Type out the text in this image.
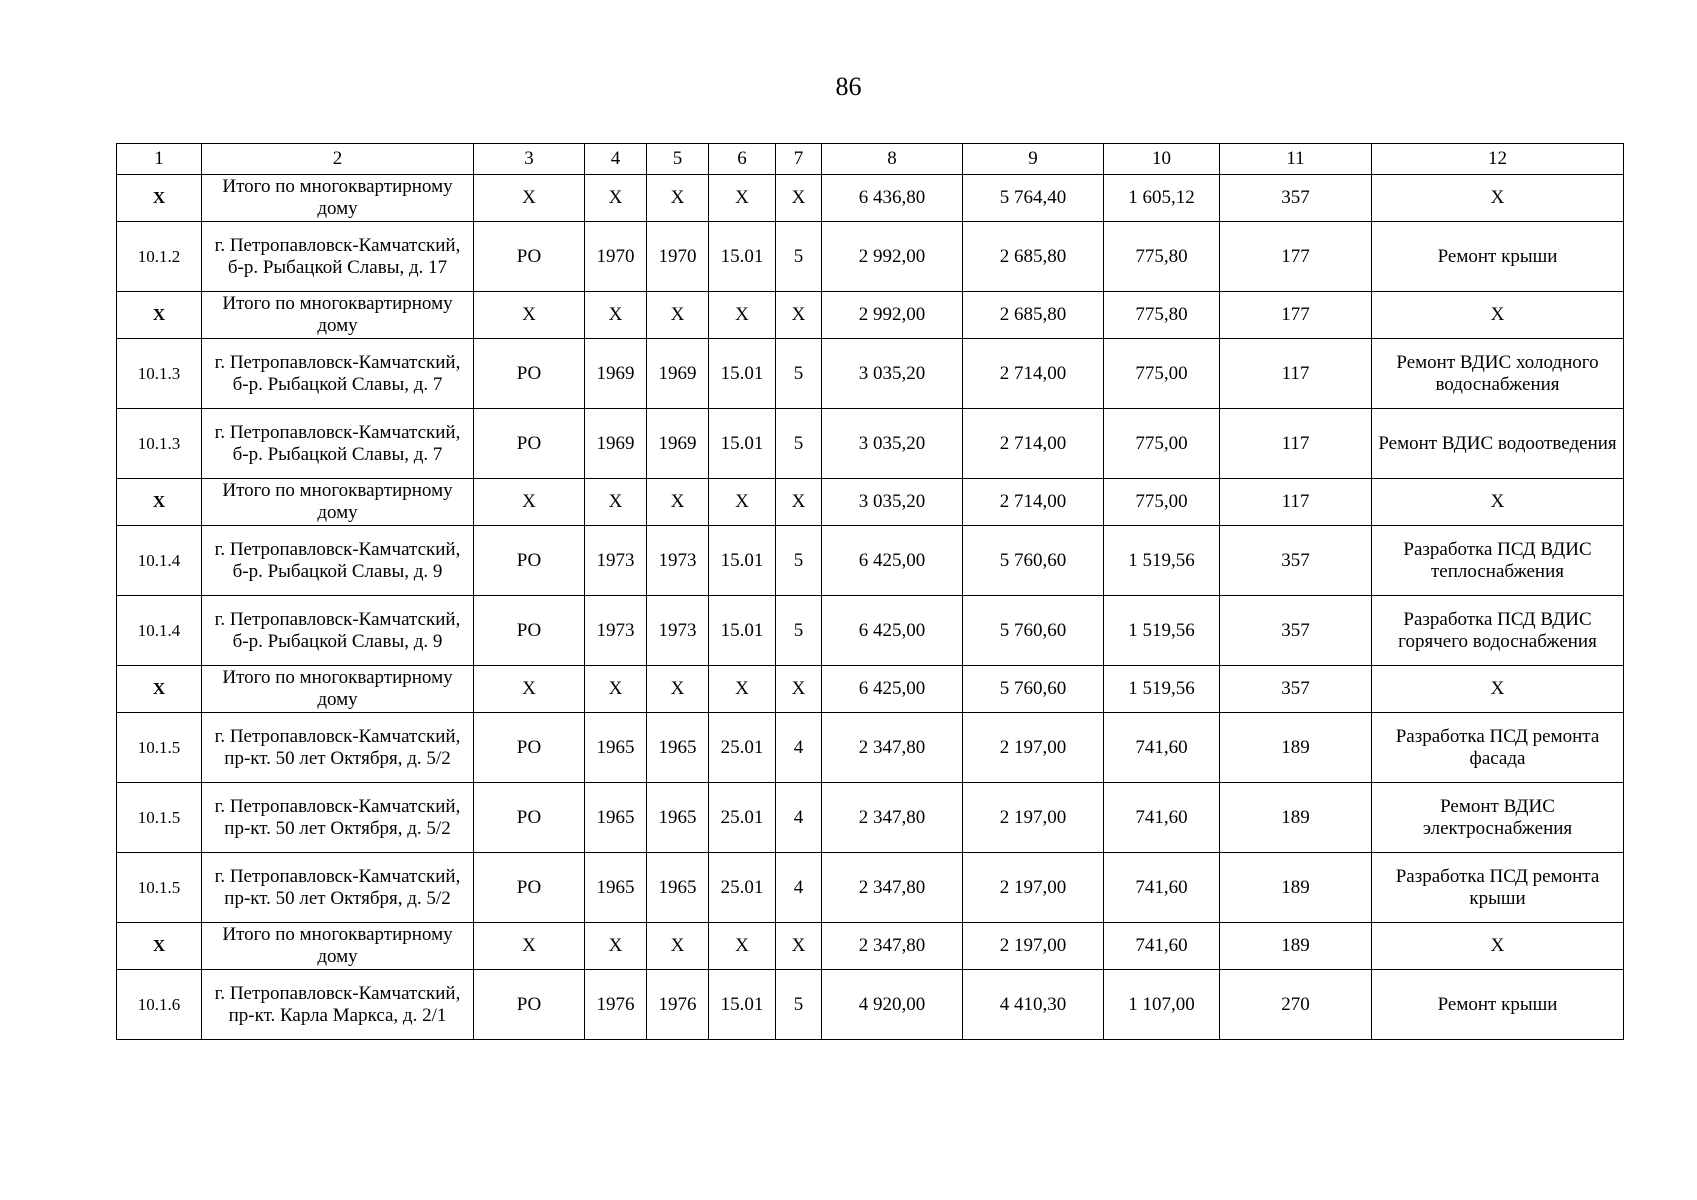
86
1	2	3	4	5	6	7	8	9	10	11	12
Х	Итого по многоквартирному дому	Х	Х	Х	Х	Х	6 436,80	5 764,40	1 605,12	357	Х
10.1.2	г. Петропавловск-Камчатский, б-р. Рыбацкой Славы, д. 17	РО	1970	1970	15.01	5	2 992,00	2 685,80	775,80	177	Ремонт крыши
Х	Итого по многоквартирному дому	Х	Х	Х	Х	Х	2 992,00	2 685,80	775,80	177	Х
10.1.3	г. Петропавловск-Камчатский, б-р. Рыбацкой Славы, д. 7	РО	1969	1969	15.01	5	3 035,20	2 714,00	775,00	117	Ремонт ВДИС холодного водоснабжения
10.1.3	г. Петропавловск-Камчатский, б-р. Рыбацкой Славы, д. 7	РО	1969	1969	15.01	5	3 035,20	2 714,00	775,00	117	Ремонт ВДИС водоотведения
Х	Итого по многоквартирному дому	Х	Х	Х	Х	Х	3 035,20	2 714,00	775,00	117	Х
10.1.4	г. Петропавловск-Камчатский, б-р. Рыбацкой Славы, д. 9	РО	1973	1973	15.01	5	6 425,00	5 760,60	1 519,56	357	Разработка ПСД ВДИС теплоснабжения
10.1.4	г. Петропавловск-Камчатский, б-р. Рыбацкой Славы, д. 9	РО	1973	1973	15.01	5	6 425,00	5 760,60	1 519,56	357	Разработка ПСД ВДИС горячего водоснабжения
Х	Итого по многоквартирному дому	Х	Х	Х	Х	Х	6 425,00	5 760,60	1 519,56	357	Х
10.1.5	г. Петропавловск-Камчатский, пр-кт. 50 лет Октября, д. 5/2	РО	1965	1965	25.01	4	2 347,80	2 197,00	741,60	189	Разработка ПСД ремонта фасада
10.1.5	г. Петропавловск-Камчатский, пр-кт. 50 лет Октября, д. 5/2	РО	1965	1965	25.01	4	2 347,80	2 197,00	741,60	189	Ремонт ВДИС электроснабжения
10.1.5	г. Петропавловск-Камчатский, пр-кт. 50 лет Октября, д. 5/2	РО	1965	1965	25.01	4	2 347,80	2 197,00	741,60	189	Разработка ПСД ремонта крыши
Х	Итого по многоквартирному дому	Х	Х	Х	Х	Х	2 347,80	2 197,00	741,60	189	Х
10.1.6	г. Петропавловск-Камчатский, пр-кт. Карла Маркса, д. 2/1	РО	1976	1976	15.01	5	4 920,00	4 410,30	1 107,00	270	Ремонт крыши
